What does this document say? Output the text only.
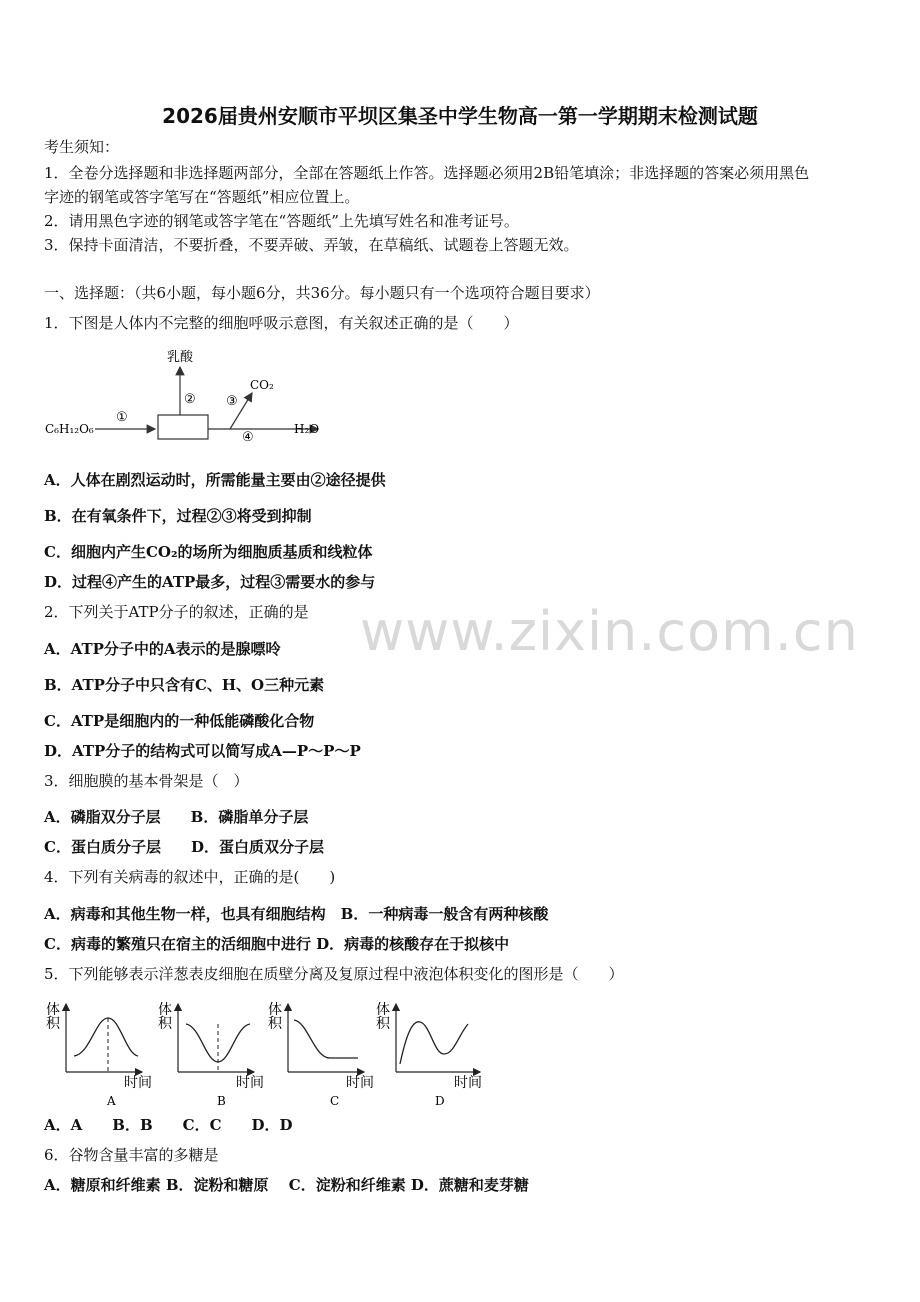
www.zixin.com.cn
2026届贵州安顺市平坝区集圣中学生物高一第一学期期末检测试题
考生须知：
1．全卷分选择题和非选择题两部分，全部在答题纸上作答。选择题必须用2B铅笔填涂；非选择题的答案必须用黑色
字迹的钢笔或答字笔写在“答题纸”相应位置上。
2．请用黑色字迹的钢笔或答字笔在“答题纸”上先填写姓名和准考证号。
3．保持卡面清洁，不要折叠，不要弄破、弄皱，在草稿纸、试题卷上答题无效。
一、选择题：（共6小题，每小题6分，共36分。每小题只有一个选项符合题目要求）
1．下图是人体内不完整的细胞呼吸示意图，有关叙述正确的是（　　）
C₆H₁₂O₆
①
乳酸
②
H₂O
④
CO₂
③
A．人体在剧烈运动时，所需能量主要由②途径提供
B．在有氧条件下，过程②③将受到抑制
C．细胞内产生CO₂的场所为细胞质基质和线粒体
D．过程④产生的ATP最多，过程③需要水的参与
2．下列关于ATP分子的叙述，正确的是
A．ATP分子中的A表示的是腺嘌呤
B．ATP分子中只含有C、H、O三种元素
C．ATP是细胞内的一种低能磷酸化合物
D．ATP分子的结构式可以简写成A—P～P～P
3．细胞膜的基本骨架是（　）
A．磷脂双分子层　　B．磷脂单分子层
C．蛋白质分子层　　D．蛋白质双分子层
4．下列有关病毒的叙述中，正确的是(　　)
A．病毒和其他生物一样，也具有细胞结构　B．一种病毒一般含有两种核酸
C．病毒的繁殖只在宿主的活细胞中进行 D．病毒的核酸存在于拟核中
5．下列能够表示洋葱表皮细胞在质壁分离及复原过程中液泡体积变化的图形是（　　）
体
积
时间
A
体
积
时间
B
体
积
时间
C
体
积
时间
D
A．A　　B．B　　C．C　　D．D
6．谷物含量丰富的多糖是
A．糖原和纤维素 B．淀粉和糖原　 C．淀粉和纤维素 D．蔗糖和麦芽糖
